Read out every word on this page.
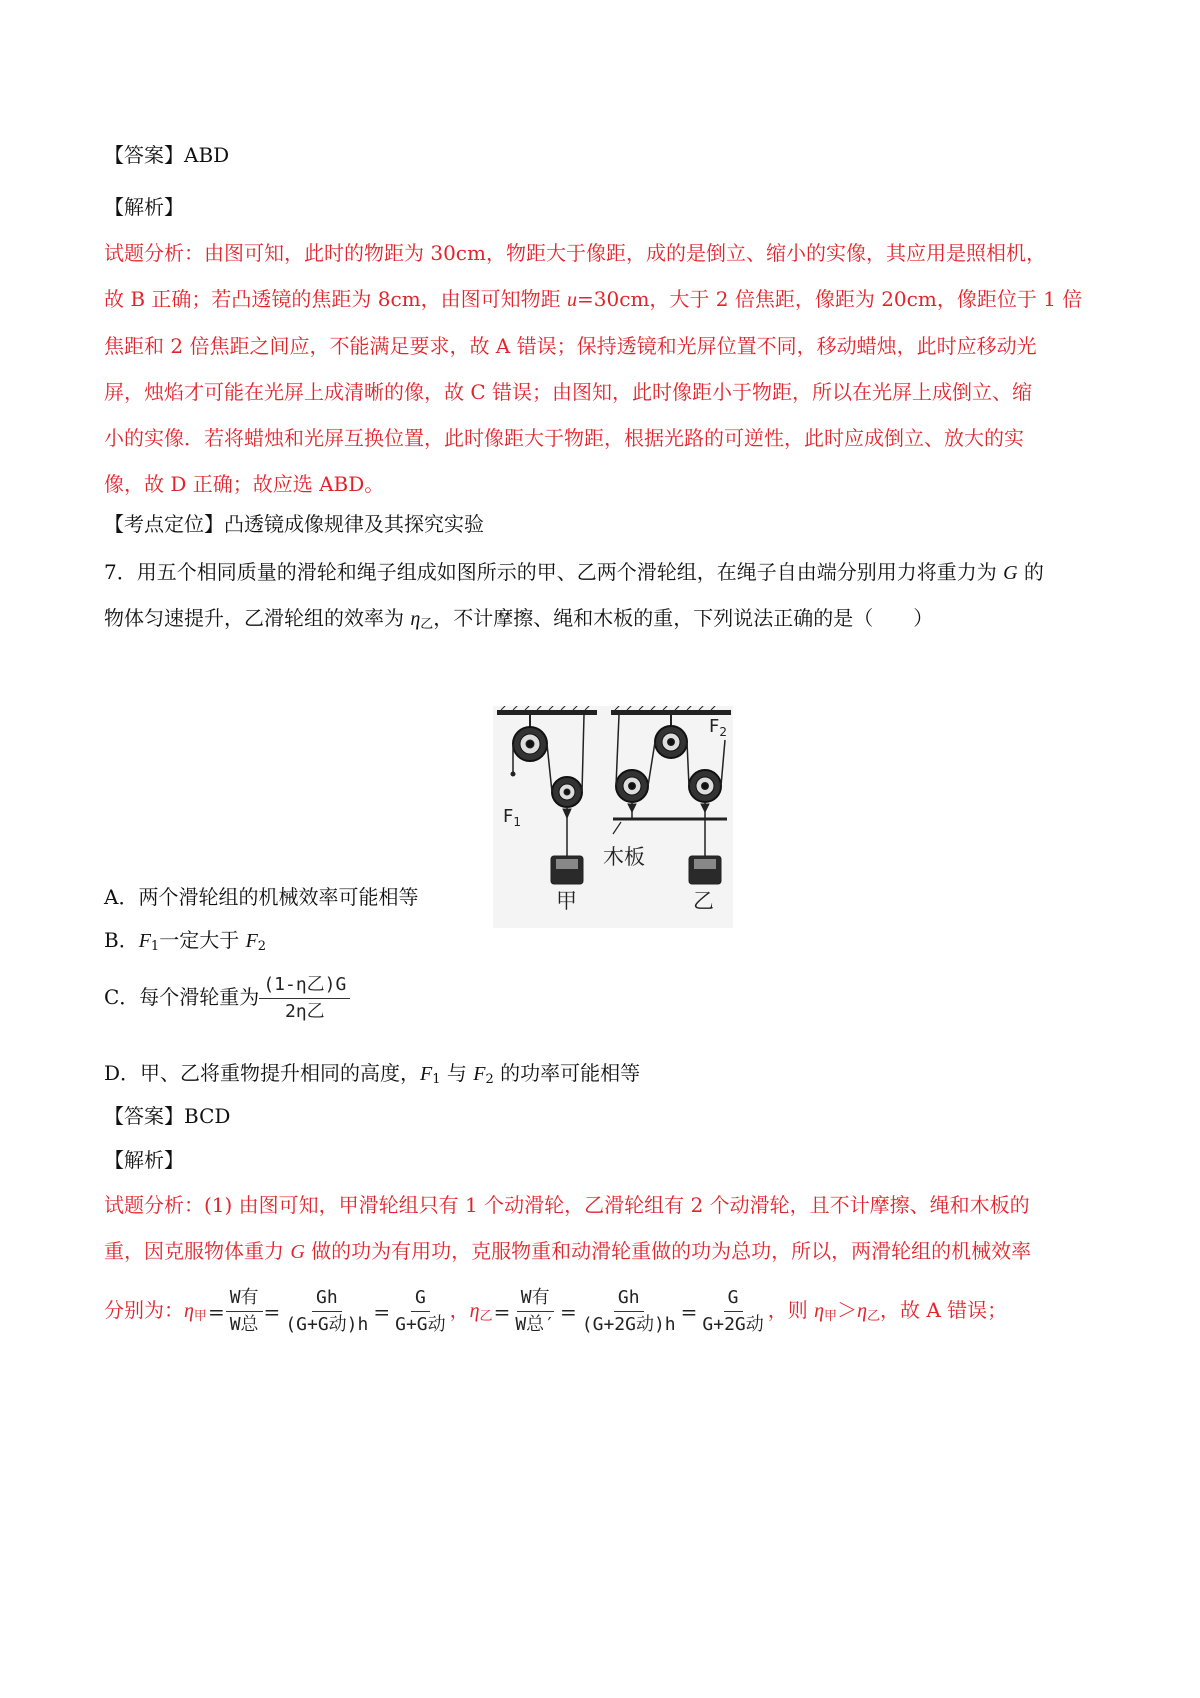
【答案】ABD
【解析】
试题分析：由图可知，此时的物距为 30cm，物距大于像距，成的是倒立、缩小的实像，其应用是照相机，
故 B 正确；若凸透镜的焦距为 8cm，由图可知物距 u=30cm，大于 2 倍焦距，像距为 20cm，像距位于 1 倍
焦距和 2 倍焦距之间应，不能满足要求，故 A 错误；保持透镜和光屏位置不同，移动蜡烛，此时应移动光
屏，烛焰才可能在光屏上成清晰的像，故 C 错误；由图知，此时像距小于物距，所以在光屏上成倒立、缩
小的实像．若将蜡烛和光屏互换位置，此时像距大于物距，根据光路的可逆性，此时应成倒立、放大的实
像，故 D 正确；故应选 ABD。
【考点定位】凸透镜成像规律及其探究实验
7．用五个相同质量的滑轮和绳子组成如图所示的甲、乙两个滑轮组，在绳子自由端分别用力将重力为 G 的
物体匀速提升，乙滑轮组的效率为 $\eta_乙$，不计摩擦、绳和木板的重，下列说法正确的是（　　）
$F_1$
$F_2$
木板
甲	乙
A．两个滑轮组的机械效率可能相等
B．$F_1$一定大于 $F_2$
C．每个滑轮重为 $\frac{\text{(1-η乙)G}}{\text{2η乙}}$
D．甲、乙将重物提升相同的高度，$F_1$ 与 $F_2$ 的功率可能相等
【答案】BCD
【解析】
试题分析：(1) 由图可知，甲滑轮组只有 1 个动滑轮，乙滑轮组有 2 个动滑轮，且不计摩擦、绳和木板的
重，因克服物体重力 G 做的功为有用功，克服物重和动滑轮重做的功为总功，所以，两滑轮组的机械效率
分别为：$\eta_甲= \frac{\text{W有}}{\text{W总}} = \frac{Gh}{\text{(G+G动)h}} = \frac{G}{\text{G+G动}}$ ，$\eta_乙= \frac{\text{W有}}{\text{W总′}} = \frac{Gh}{\text{(G+2G动)h}} = \frac{G}{\text{G+2G动}}$ ，则 $\eta_甲>\eta_乙$，故 A 错误；
